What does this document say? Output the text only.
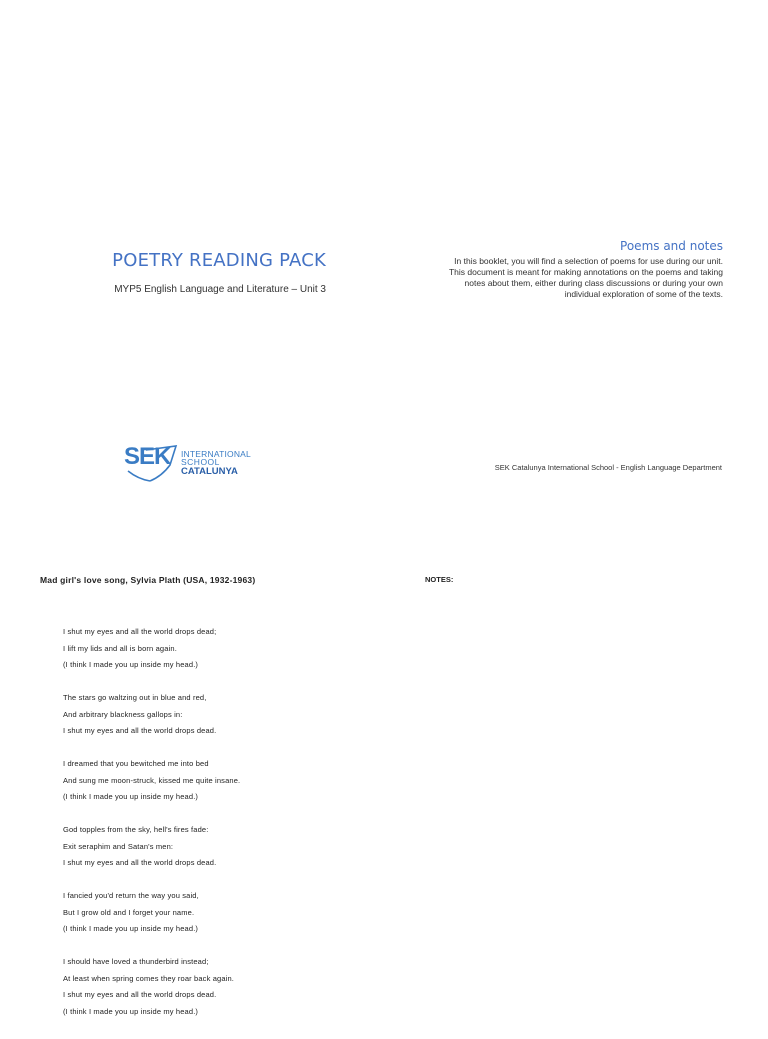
POETRY READING PACK
MYP5 English Language and Literature – Unit 3
Poems and notes
In this booklet, you will find a selection of poems for use during our unit.
This document is meant for making annotations on the poems and taking
notes about them, either during class discussions or during your own
individual exploration of some of the texts.
SEK INTERNATIONAL
SCHOOL
CATALUNYA	SEK Catalunya International School - English Language Department
Mad girl's love song, Sylvia Plath (USA, 1932-1963)	NOTES:
I shut my eyes and all the world drops dead;
I lift my lids and all is born again.
(I think I made you up inside my head.)
The stars go waltzing out in blue and red,
And arbitrary blackness gallops in:
I shut my eyes and all the world drops dead.
I dreamed that you bewitched me into bed
And sung me moon-struck, kissed me quite insane.
(I think I made you up inside my head.)
God topples from the sky, hell's fires fade:
Exit seraphim and Satan's men:
I shut my eyes and all the world drops dead.
I fancied you'd return the way you said,
But I grow old and I forget your name.
(I think I made you up inside my head.)
I should have loved a thunderbird instead;
At least when spring comes they roar back again.
I shut my eyes and all the world drops dead.
(I think I made you up inside my head.)
